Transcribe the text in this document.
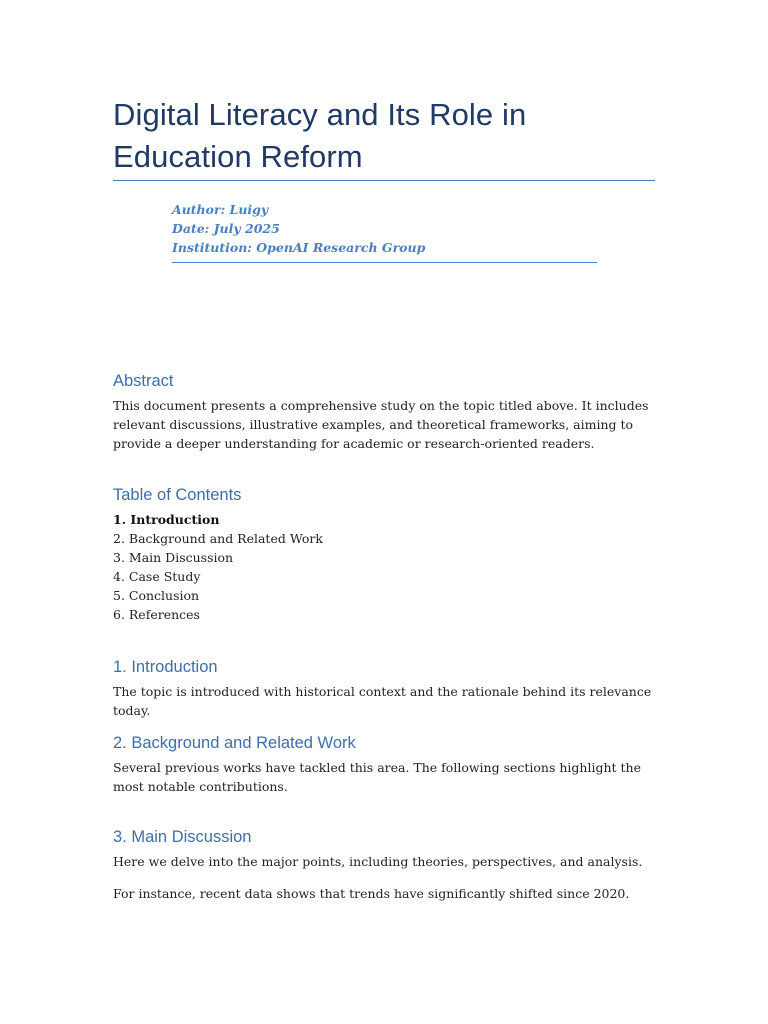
Digital Literacy and Its Role in Education Reform
Author: Luigy
Date: July 2025
Institution: OpenAI Research Group
Abstract

This document presents a comprehensive study on the topic titled above. It includes relevant discussions, illustrative examples, and theoretical frameworks, aiming to provide a deeper understanding for academic or research-oriented readers.

Table of Contents
1. Introduction
2. Background and Related Work
3. Main Discussion
4. Case Study
5. Conclusion
6. References
1. Introduction

The topic is introduced with historical context and the rationale behind its relevance today.

2. Background and Related Work

Several previous works have tackled this area. The following sections highlight the most notable contributions.

3. Main Discussion

Here we delve into the major points, including theories, perspectives, and analysis.

For instance, recent data shows that trends have significantly shifted since 2020.
